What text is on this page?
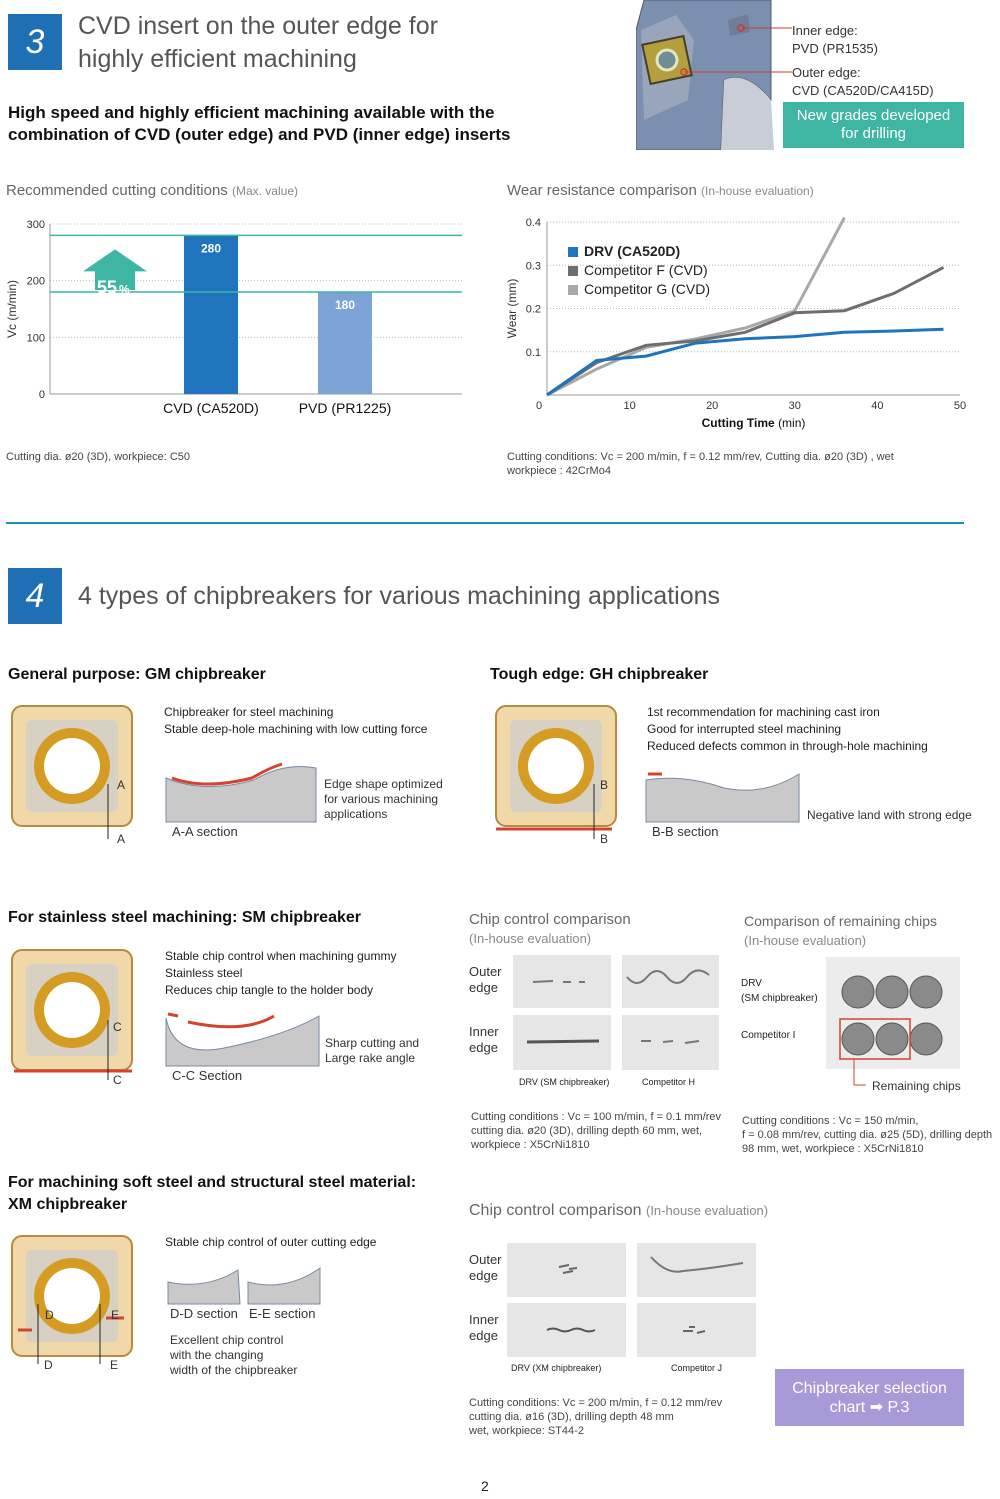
3	CVD insert on the outer edge for
highly efficient machining
High speed and highly efficient machining available with the
combination of CVD (outer edge) and PVD (inner edge) inserts
Inner edge:
PVD (PR1535)
Outer edge:
CVD (CA520D/CA415D)
New grades developed
for drilling
Recommended cutting conditions (Max. value)
0
100
200
300
Vc (m/min)
280
CVD (CA520D)
180
PVD (PR1225)
55 %
Cutting dia. ø20 (3D), workpiece: C50
Wear resistance comparison (In-house evaluation)
0.1
0.2
0.3
0.4
0	10	20	30	40	50
Wear (mm)
Cutting Time (min)
DRV (CA520D)
Competitor F (CVD)
Competitor G (CVD)
Cutting conditions: Vc = 200 m/min, f = 0.12 mm/rev, Cutting dia. ø20 (3D) , wet
workpiece : 42CrMo4
4	4 types of chipbreakers for various machining applications
General purpose: GM chipbreaker
A
A
Chipbreaker for steel machining
Stable deep-hole machining with low cutting force
A-A section
Edge shape optimized
for various machining
applications
Tough edge: GH chipbreaker
B
B
1st recommendation for machining cast iron
Good for interrupted steel machining
Reduced defects common in through-hole machining
B-B section
Negative land with strong edge
For stainless steel machining: SM chipbreaker
C
C
Stable chip control when machining gummy
Stainless steel
Reduces chip tangle to the holder body
C-C Section
Sharp cutting and
Large rake angle
Chip control comparison
(In-house evaluation)
Outer
edge
Inner
edge
DRV (SM chipbreaker)	Competitor H
Cutting conditions : Vc = 100 m/min, f = 0.1 mm/rev
cutting dia. ø20 (3D), drilling depth 60 mm, wet,
workpiece : X5CrNi1810
Comparison of remaining chips
(In-house evaluation)
DRV
(SM chipbreaker)
Competitor I
Remaining chips
Cutting conditions : Vc = 150 m/min,
f = 0.08 mm/rev, cutting dia. ø25 (5D), drilling depth
98 mm, wet, workpiece : X5CrNi1810
For machining soft steel and structural steel material:
XM chipbreaker
D
D
E
E
Stable chip control of outer cutting edge
D-D section E-E section
Excellent chip control
with the changing
width of the chipbreaker
Chip control comparison (In-house evaluation)
Outer
edge
Inner
edge
DRV (XM chipbreaker)	Competitor J
Cutting conditions: Vc = 200 m/min, f = 0.12 mm/rev
cutting dia. ø16 (3D), drilling depth 48 mm
wet, workpiece: ST44-2
Chipbreaker selection
chart ➡ P.3
2
